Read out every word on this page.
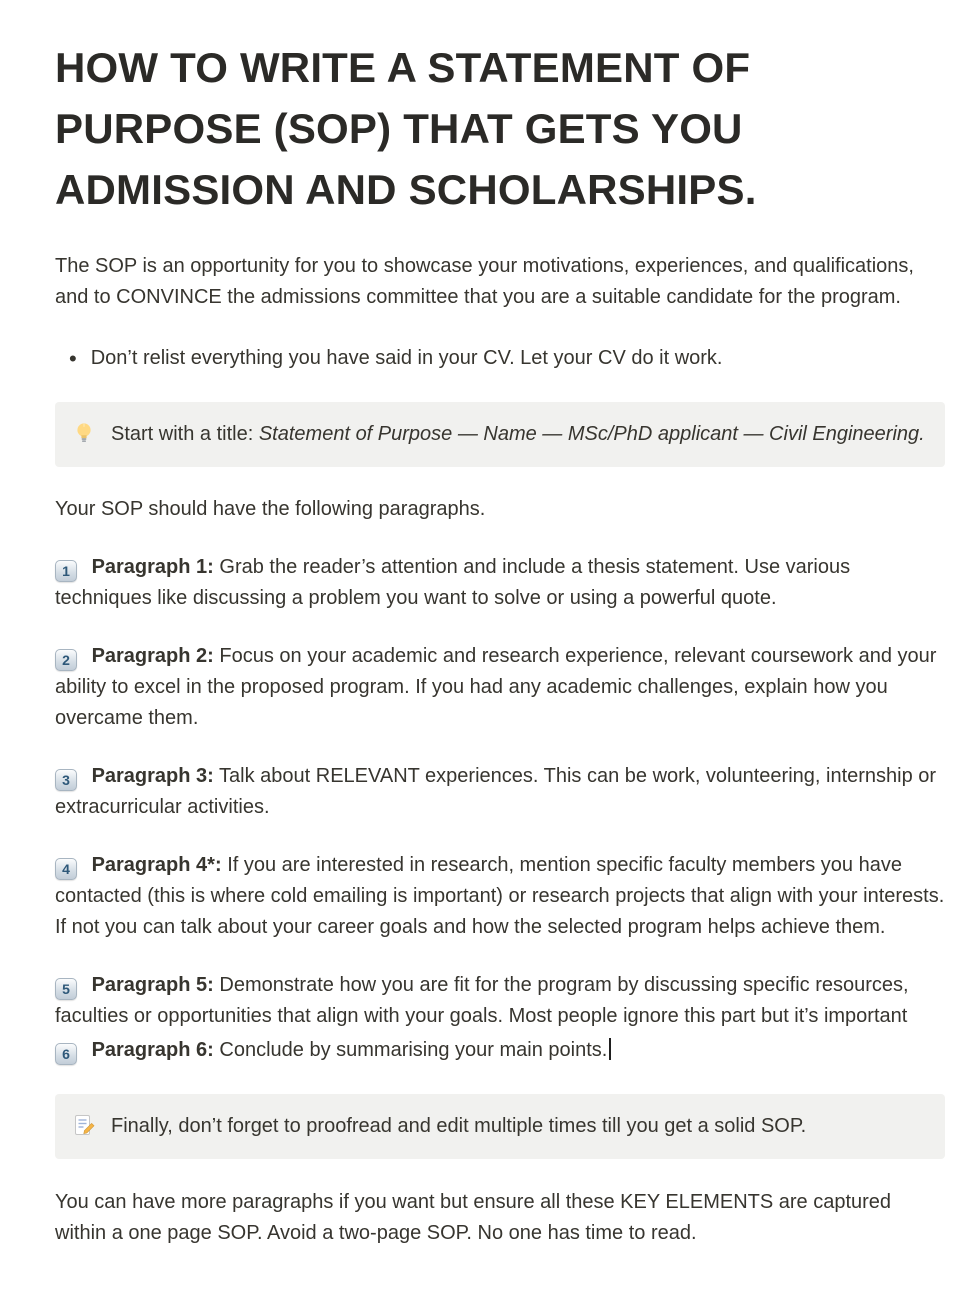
HOW TO WRITE A STATEMENT OF PURPOSE (SOP) THAT GETS YOU ADMISSION AND SCHOLARSHIPS.

The SOP is an opportunity for you to showcase your motivations, experiences, and qualifications, and to CONVINCE the admissions committee that you are a suitable candidate for the program.

• Don’t relist everything you have said in your CV. Let your CV do it work.
Start with a title: Statement of Purpose — Name — MSc/PhD applicant — Civil Engineering.

Your SOP should have the following paragraphs.

1 Paragraph 1: Grab the reader’s attention and include a thesis statement. Use various techniques like discussing a problem you want to solve or using a powerful quote.
2 Paragraph 2: Focus on your academic and research experience, relevant coursework and your ability to excel in the proposed program. If you had any academic challenges, explain how you overcame them.
3 Paragraph 3: Talk about RELEVANT experiences. This can be work, volunteering, internship or extracurricular activities.
4 Paragraph 4*: If you are interested in research, mention specific faculty members you have contacted (this is where cold emailing is important) or research projects that align with your interests. If not you can talk about your career goals and how the selected program helps achieve them.
5 Paragraph 5: Demonstrate how you are fit for the program by discussing specific resources, faculties or opportunities that align with your goals. Most people ignore this part but it’s important
6 Paragraph 6: Conclude by summarising your main points.
Finally, don’t forget to proofread and edit multiple times till you get a solid SOP.

You can have more paragraphs if you want but ensure all these KEY ELEMENTS are captured within a one page SOP. Avoid a two-page SOP. No one has time to read.
